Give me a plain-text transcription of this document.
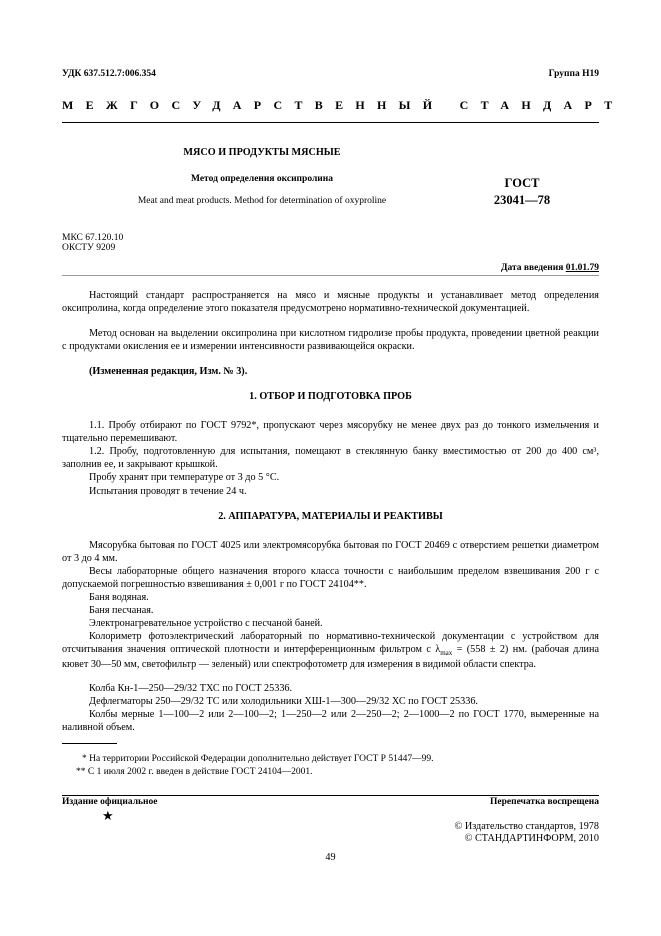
УДК 637.512.7:006.354	Группа Н19
МЕЖГОСУДАРСТВЕННЫЙ СТАНДАРТ
МЯСО И ПРОДУКТЫ МЯСНЫЕ
Метод определения оксипролина
Meat and meat products. Method for determination of oxyproline
ГОСТ
23041—78
МКС 67.120.10
ОКСТУ 9209
Дата введения 01.01.79

Настоящий стандарт распространяется на мясо и мясные продукты и устанавливает метод определения оксипролина, когда определение этого показателя предусмотрено нормативно-технической документацией.

Метод основан на выделении оксипролина при кислотном гидролизе пробы продукта, проведении цветной реакции с продуктами окисления ее и измерении интенсивности развивающейся окраски.

(Измененная редакция, Изм. № 3).

1. ОТБОР И ПОДГОТОВКА ПРОБ

1.1. Пробу отбирают по ГОСТ 9792*, пропускают через мясорубку не менее двух раз до тонкого измельчения и тщательно перемешивают.

1.2. Пробу, подготовленную для испытания, помещают в стеклянную банку вместимостью от 200 до 400 см³, заполнив ее, и закрывают крышкой.

Пробу хранят при температуре от 3 до 5 °С.

Испытания проводят в течение 24 ч.

2. АППАРАТУРА, МАТЕРИАЛЫ И РЕАКТИВЫ

Мясорубка бытовая по ГОСТ 4025 или электромясорубка бытовая по ГОСТ 20469 с отверстием решетки диаметром от 3 до 4 мм.

Весы лабораторные общего назначения второго класса точности с наибольшим пределом взвешивания 200 г с допускаемой погрешностью взвешивания ± 0,001 г по ГОСТ 24104**.

Баня водяная.

Баня песчаная.

Электронагревательное устройство с песчаной баней.

Колориметр фотоэлектрический лабораторный по нормативно-технической документации с устройством для отсчитывания значения оптической плотности и интерференционным фильтром с $\lambda_{max} = (558 \pm 2)$ нм. (рабочая длина кювет 30—50 мм, светофильтр — зеленый) или спектрофотометр для измерения в видимой области спектра.

Колба Кн-1—250—29/32 ТХС по ГОСТ 25336.

Дефлегматоры 250—29/32 ТС или холодильники ХШ-1—300—29/32 ХС по ГОСТ 25336.

Колбы мерные 1—100—2 или 2—100—2; 1—250—2 или 2—250—2; 2—1000—2 по ГОСТ 1770, вымеренные на наливной объем.

* На территории Российской Федерации дополнительно действует ГОСТ Р 51447—99.
** С 1 июля 2002 г. введен в действие ГОСТ 24104—2001.
Издание официальное	Перепечатка воспрещена
★
© Издательство стандартов, 1978
© СТАНДАРТИНФОРМ, 2010
49
